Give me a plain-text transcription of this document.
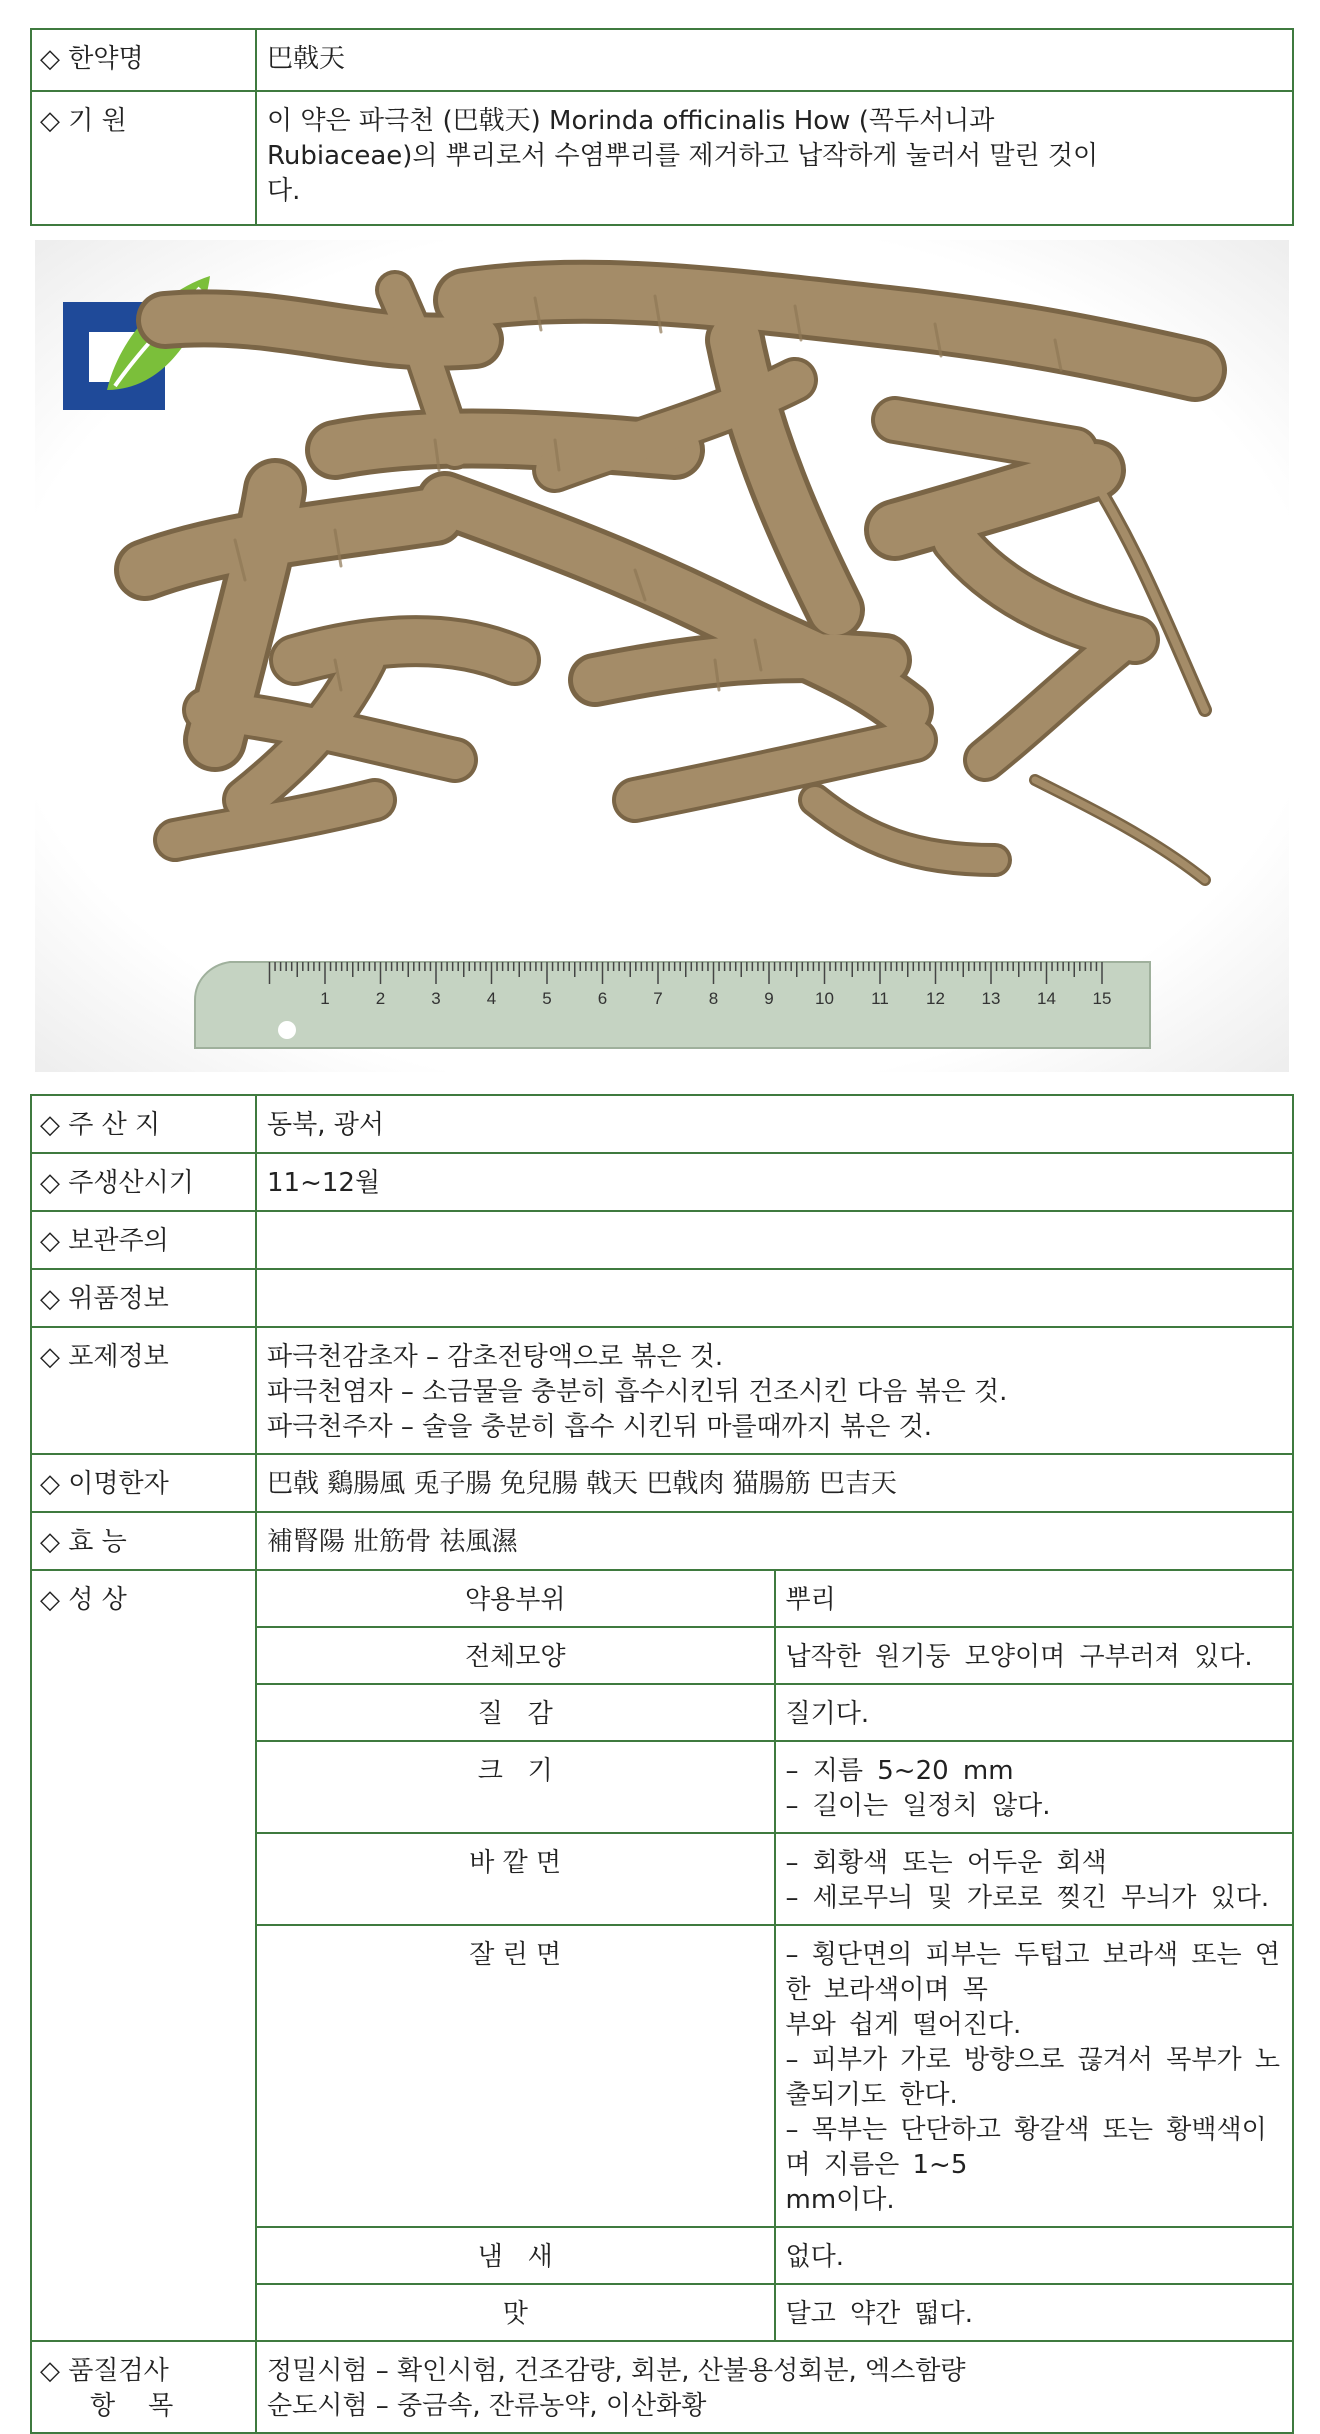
◇ 한약명	巴戟天
◇ 기 원	이 약은 파극천 (巴戟天) Morinda officinalis How (꼭두서니과
Rubiaceae)의 뿌리로서 수염뿌리를 제거하고 납작하게 눌러서 말린 것이
다.
1	2	3	4	5	6	7	8	9 10 11 12 13 14 15
◇ 주 산 지	동북, 광서	
◇ 주생산시기	11~12월	
◇ 보관주의		
◇ 위품정보		
◇ 포제정보	파극천감초자 – 감초전탕액으로 볶은 것.
파극천염자 – 소금물을 충분히 흡수시킨뒤 건조시킨 다음 볶은 것.
파극천주자 – 술을 충분히 흡수 시킨뒤 마를때까지 볶은 것.	

◇ 이명한자	巴戟 鷄腸風 兎子腸 免兒腸 戟天 巴戟肉 猫腸筋 巴吉天	
◇ 효 능	補腎陽 壯筋骨 祛風濕	
◇ 성 상	약용부위	뿌리

	전체모양	납작한 원기둥 모양이며 구부러져 있다.

	질   감	질기다.

	크   기	– 지름 5~20 mm
– 길이는 일정치 않다.

	바 깥 면	– 회황색 또는 어두운 회색
– 세로무늬 및 가로로 찢긴 무늬가 있다.

	잘 린 면	– 횡단면의 피부는 두텁고 보라색 또는 연한 보라색이며 목
부와 쉽게 떨어진다.
– 피부가 가로 방향으로 끊겨서 목부가 노출되기도 한다.
– 목부는 단단하고 황갈색 또는 황백색이며 지름은 1~5
mm이다.

	냄   새	없다.

	맛	달고 약간 떫다.

◇ 품질검사
항    목	정밀시험 – 확인시험, 건조감량, 회분, 산불용성회분, 엑스함량
순도시험 – 중금속, 잔류농약, 이산화황	
